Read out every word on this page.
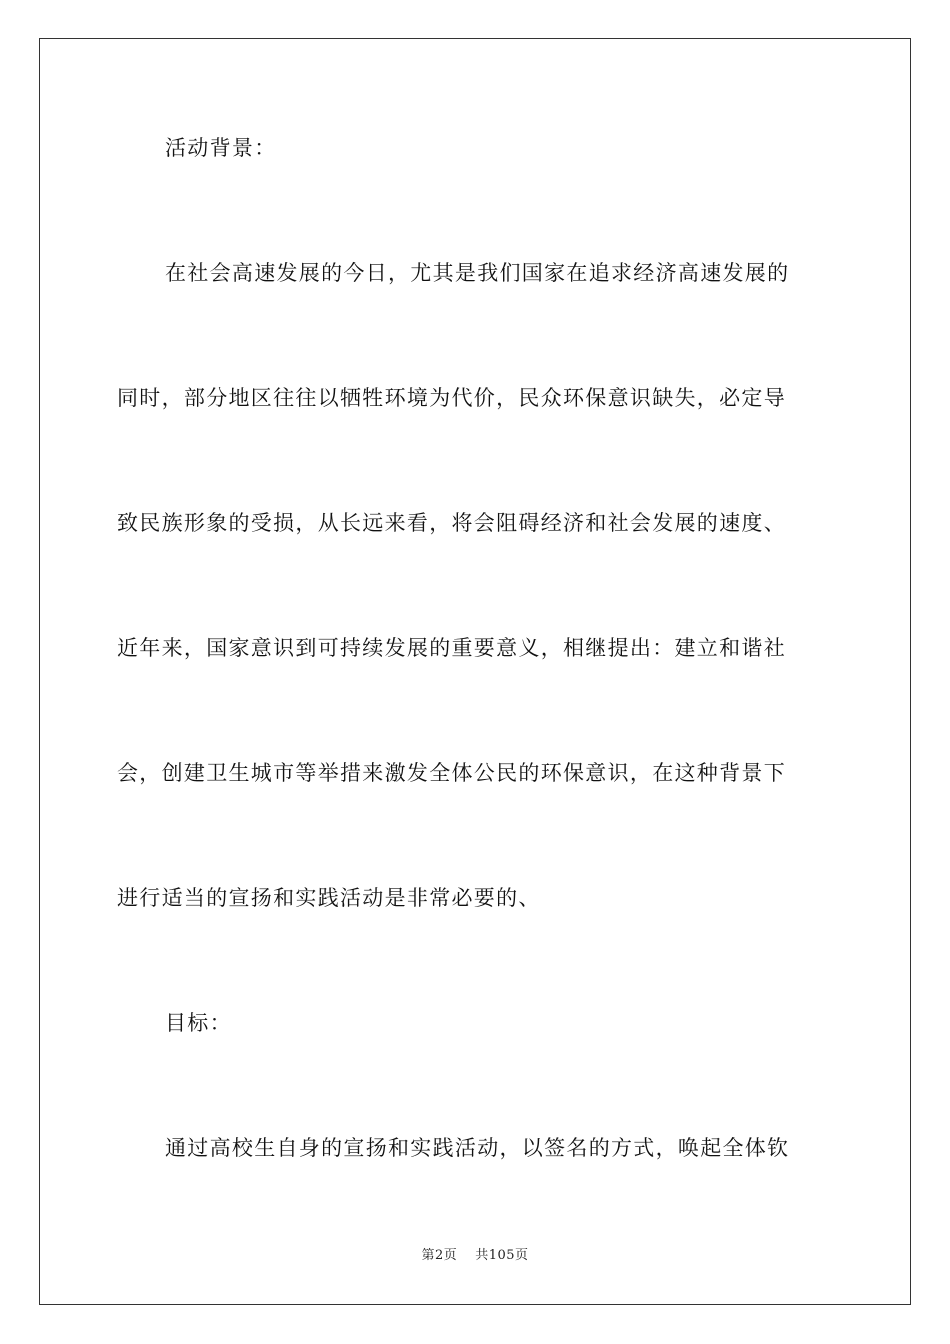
活动背景：
在社会高速发展的今日，尤其是我们国家在追求经济高速发展的
同时，部分地区往往以牺牲环境为代价，民众环保意识缺失，必定导
致民族形象的受损，从长远来看，将会阻碍经济和社会发展的速度、
近年来，国家意识到可持续发展的重要意义，相继提出：建立和谐社
会，创建卫生城市等举措来激发全体公民的环保意识，在这种背景下
进行适当的宣扬和实践活动是非常必要的、
目标：
通过高校生自身的宣扬和实践活动，以签名的方式，唤起全体钦
第2页 共105页
